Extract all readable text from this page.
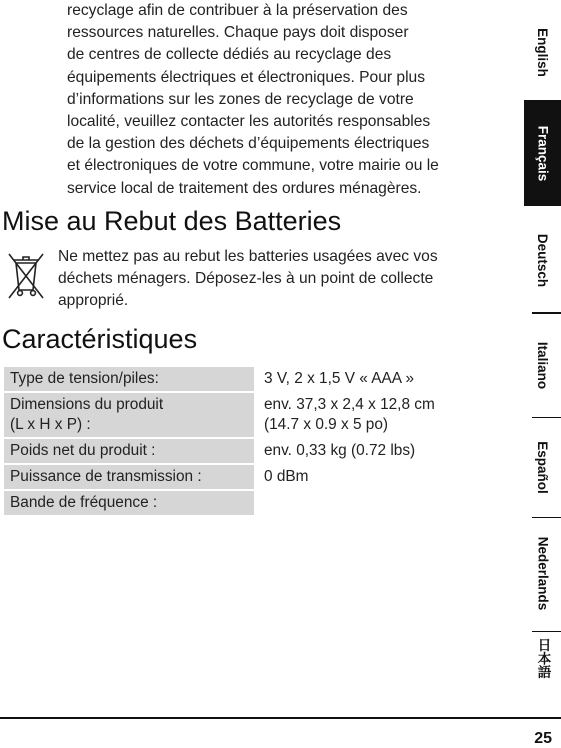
recyclage afin de contribuer à la préservation des
ressources naturelles. Chaque pays doit disposer
de centres de collecte dédiés au recyclage des
équipements électriques et électroniques. Pour plus
d’informations sur les zones de recyclage de votre
localité, veuillez contacter les autorités responsables
de la gestion des déchets d’équipements électriques
et électroniques de votre commune, votre mairie ou le
service local de traitement des ordures ménagères.

Mise au Rebut des Batteries

Ne mettez pas au rebut les batteries usagées avec vos
déchets ménagers. Déposez-les à un point de collecte
approprié.

Caractéristiques
Type de tension/piles:	3 V, 2 x 1,5 V « AAA »
Dimensions du produit
(L x H x P) :	env. 37,3 x 2,4 x 12,8 cm
(14.7 x 0.9 x 5 po)
Poids net du produit :	env. 0,33 kg (0.72 lbs)
Puissance de transmission :	0 dBm
Bande de fréquence :	
English
Français
Deutsch
Italiano
Español
Nederlands
日本語
25
